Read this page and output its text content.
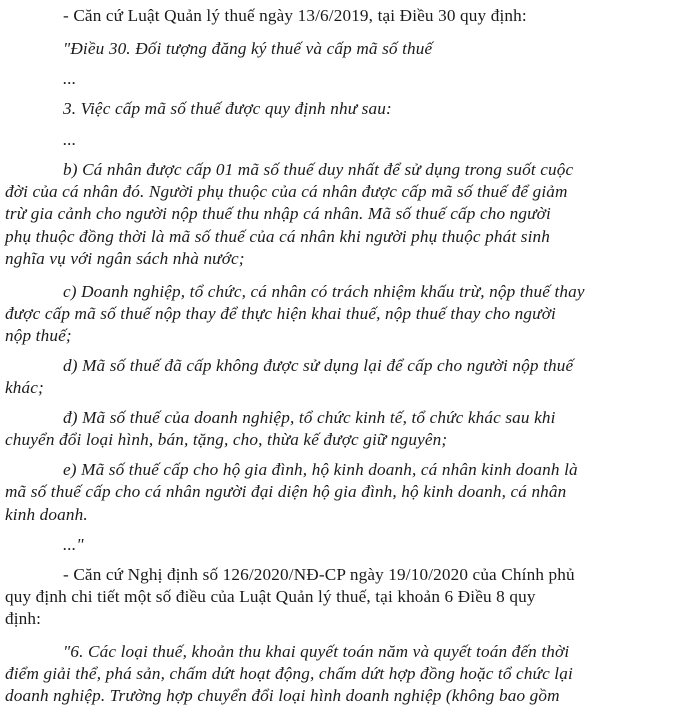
- Căn cứ Luật Quản lý thuế ngày 13/6/2019, tại Điều 30 quy định:
"Điều 30. Đối tượng đăng ký thuế và cấp mã số thuế
...
3. Việc cấp mã số thuế được quy định như sau:
...
b) Cá nhân được cấp 01 mã số thuế duy nhất để sử dụng trong suốt cuộc
đời của cá nhân đó. Người phụ thuộc của cá nhân được cấp mã số thuế để giảm
trừ gia cảnh cho người nộp thuế thu nhập cá nhân. Mã số thuế cấp cho người
phụ thuộc đồng thời là mã số thuế của cá nhân khi người phụ thuộc phát sinh
nghĩa vụ với ngân sách nhà nước;
c) Doanh nghiệp, tổ chức, cá nhân có trách nhiệm khấu trừ, nộp thuế thay
được cấp mã số thuế nộp thay để thực hiện khai thuế, nộp thuế thay cho người
nộp thuế;
d) Mã số thuế đã cấp không được sử dụng lại để cấp cho người nộp thuế
khác;
đ) Mã số thuế của doanh nghiệp, tổ chức kinh tế, tổ chức khác sau khi
chuyển đổi loại hình, bán, tặng, cho, thừa kế được giữ nguyên;
e) Mã số thuế cấp cho hộ gia đình, hộ kinh doanh, cá nhân kinh doanh là
mã số thuế cấp cho cá nhân người đại diện hộ gia đình, hộ kinh doanh, cá nhân
kinh doanh.
..."
- Căn cứ Nghị định số 126/2020/NĐ-CP ngày 19/10/2020 của Chính phủ
quy định chi tiết một số điều của Luật Quản lý thuế, tại khoản 6 Điều 8 quy
định:
"6. Các loại thuế, khoản thu khai quyết toán năm và quyết toán đến thời
điểm giải thể, phá sản, chấm dứt hoạt động, chấm dứt hợp đồng hoặc tổ chức lại
doanh nghiệp. Trường hợp chuyển đổi loại hình doanh nghiệp (không bao gồm
